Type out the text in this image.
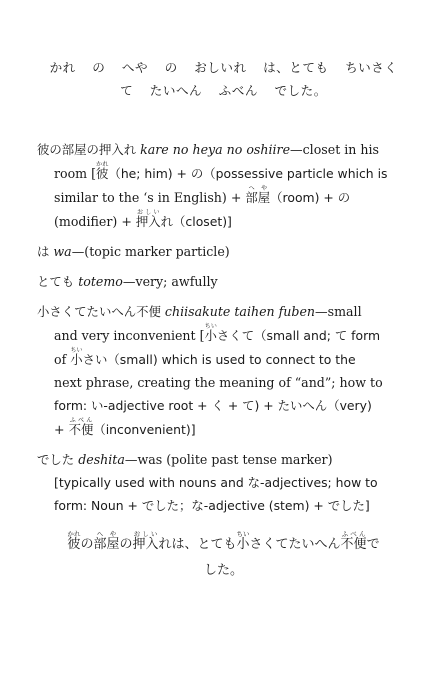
かれ の へや の おしいれ は、とても ちいさく
て たいへん ふべん でした。
彼の部屋の押入れ kare no heya no oshiire—closet in his
room [彼かれ（he; him) + の（possessive particle which is
similar to the ‘s in English) + 部屋へや（room) + の
(modifier) + 押入おしいれ（closet)]
は wa—(topic marker particle)
とても totemo—very; awfully
小さくてたいへん不便 chiisakute taihen fuben—small
and very inconvenient [小ちいさくて（small and; て form
of 小ちいさい（small) which is used to connect to the
next phrase, creating the meaning of “and”; how to
form: い-adjective root + く + て) + たいへん（very)
+ 不便ふべん（inconvenient)]
でした deshita—was (polite past tense marker)
[typically used with nouns and な-adjectives; how to
form: Noun + でした；な-adjective (stem) + でした]
彼かれの部屋へやの押入おしいれは、とても小ちいさくてたいへん不便ふべんで
した。
